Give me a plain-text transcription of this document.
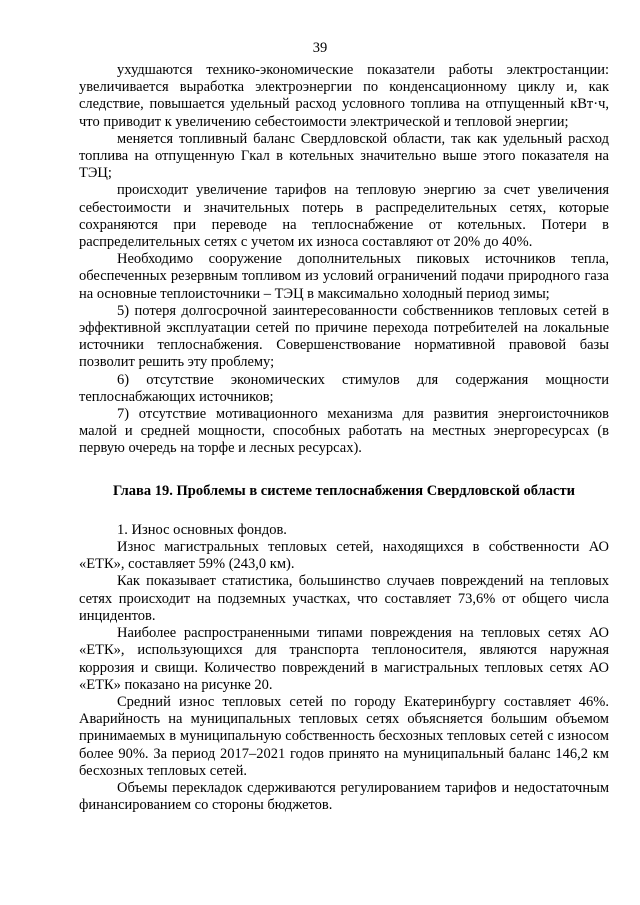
39

ухудшаются технико-экономические показатели работы электростанции: увеличивается выработка электроэнергии по конденсационному циклу и, как следствие, повышается удельный расход условного топлива на отпущенный кВт·ч, что приводит к увеличению себестоимости электрической и тепловой энергии;

меняется топливный баланс Свердловской области, так как удельный расход топлива на отпущенную Гкал в котельных значительно выше этого показателя на ТЭЦ;

происходит увеличение тарифов на тепловую энергию за счет увеличения себестоимости и значительных потерь в распределительных сетях, которые сохраняются при переводе на теплоснабжение от котельных. Потери в распределительных сетях с учетом их износа составляют от 20% до 40%.

Необходимо сооружение дополнительных пиковых источников тепла, обеспеченных резервным топливом из условий ограничений подачи природного газа на основные теплоисточники – ТЭЦ в максимально холодный период зимы;

5) потеря долгосрочной заинтересованности собственников тепловых сетей в эффективной эксплуатации сетей по причине перехода потребителей на локальные источники теплоснабжения. Совершенствование нормативной правовой базы позволит решить эту проблему;

6) отсутствие экономических стимулов для содержания мощности теплоснабжающих источников;

7) отсутствие мотивационного механизма для развития энергоисточников малой и средней мощности, способных работать на местных энергоресурсах (в первую очередь на торфе и лесных ресурсах).

Глава 19. Проблемы в системе теплоснабжения Свердловской области

1. Износ основных фондов.

Износ магистральных тепловых сетей, находящихся в собственности АО «ЕТК», составляет 59% (243,0 км).

Как показывает статистика, большинство случаев повреждений на тепловых сетях происходит на подземных участках, что составляет 73,6% от общего числа инцидентов.

Наиболее распространенными типами повреждения на тепловых сетях АО «ЕТК», использующихся для транспорта теплоносителя, являются наружная коррозия и свищи. Количество повреждений в магистральных тепловых сетях АО «ЕТК» показано на рисунке 20.

Средний износ тепловых сетей по городу Екатеринбургу составляет 46%. Аварийность на муниципальных тепловых сетях объясняется большим объемом принимаемых в муниципальную собственность бесхозных тепловых сетей с износом более 90%. За период 2017–2021 годов принято на муниципальный баланс 146,2 км бесхозных тепловых сетей.

Объемы перекладок сдерживаются регулированием тарифов и недостаточным финансированием со стороны бюджетов.
